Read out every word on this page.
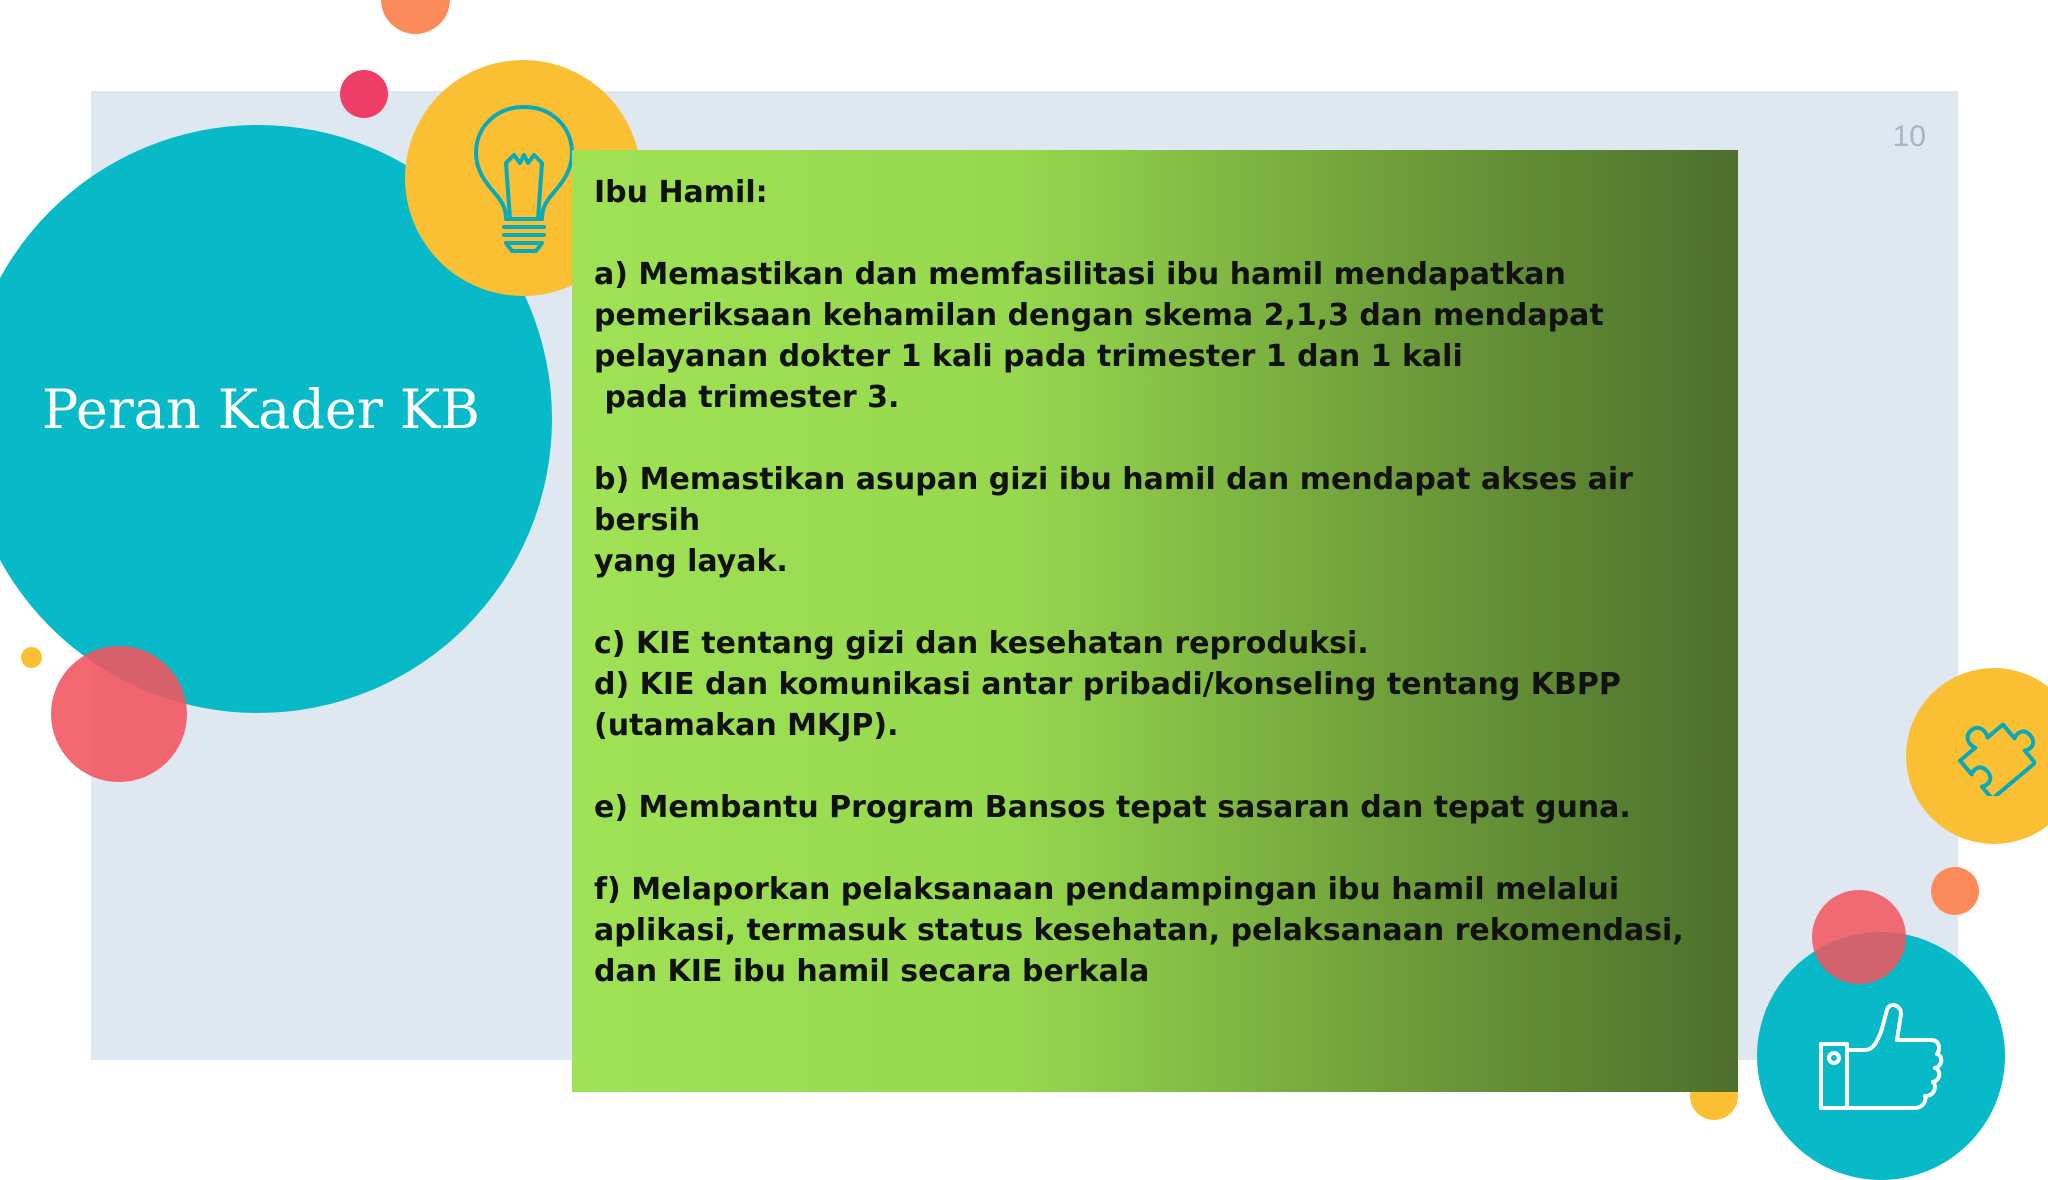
Peran Kader KB
10

Ibu Hamil:

a) Memastikan dan memfasilitasi ibu hamil mendapatkan
pemeriksaan kehamilan dengan skema 2,1,3 dan mendapat
pelayanan dokter 1 kali pada trimester 1 dan 1 kali
pada trimester 3.

b) Memastikan asupan gizi ibu hamil dan mendapat akses air bersih
yang layak.

c) KIE tentang gizi dan kesehatan reproduksi.

d) KIE dan komunikasi antar pribadi/konseling tentang KBPP
(utamakan MKJP).

e) Membantu Program Bansos tepat sasaran dan tepat guna.

f) Melaporkan pelaksanaan pendampingan ibu hamil melalui
aplikasi, termasuk status kesehatan, pelaksanaan rekomendasi,
dan KIE ibu hamil secara berkala
